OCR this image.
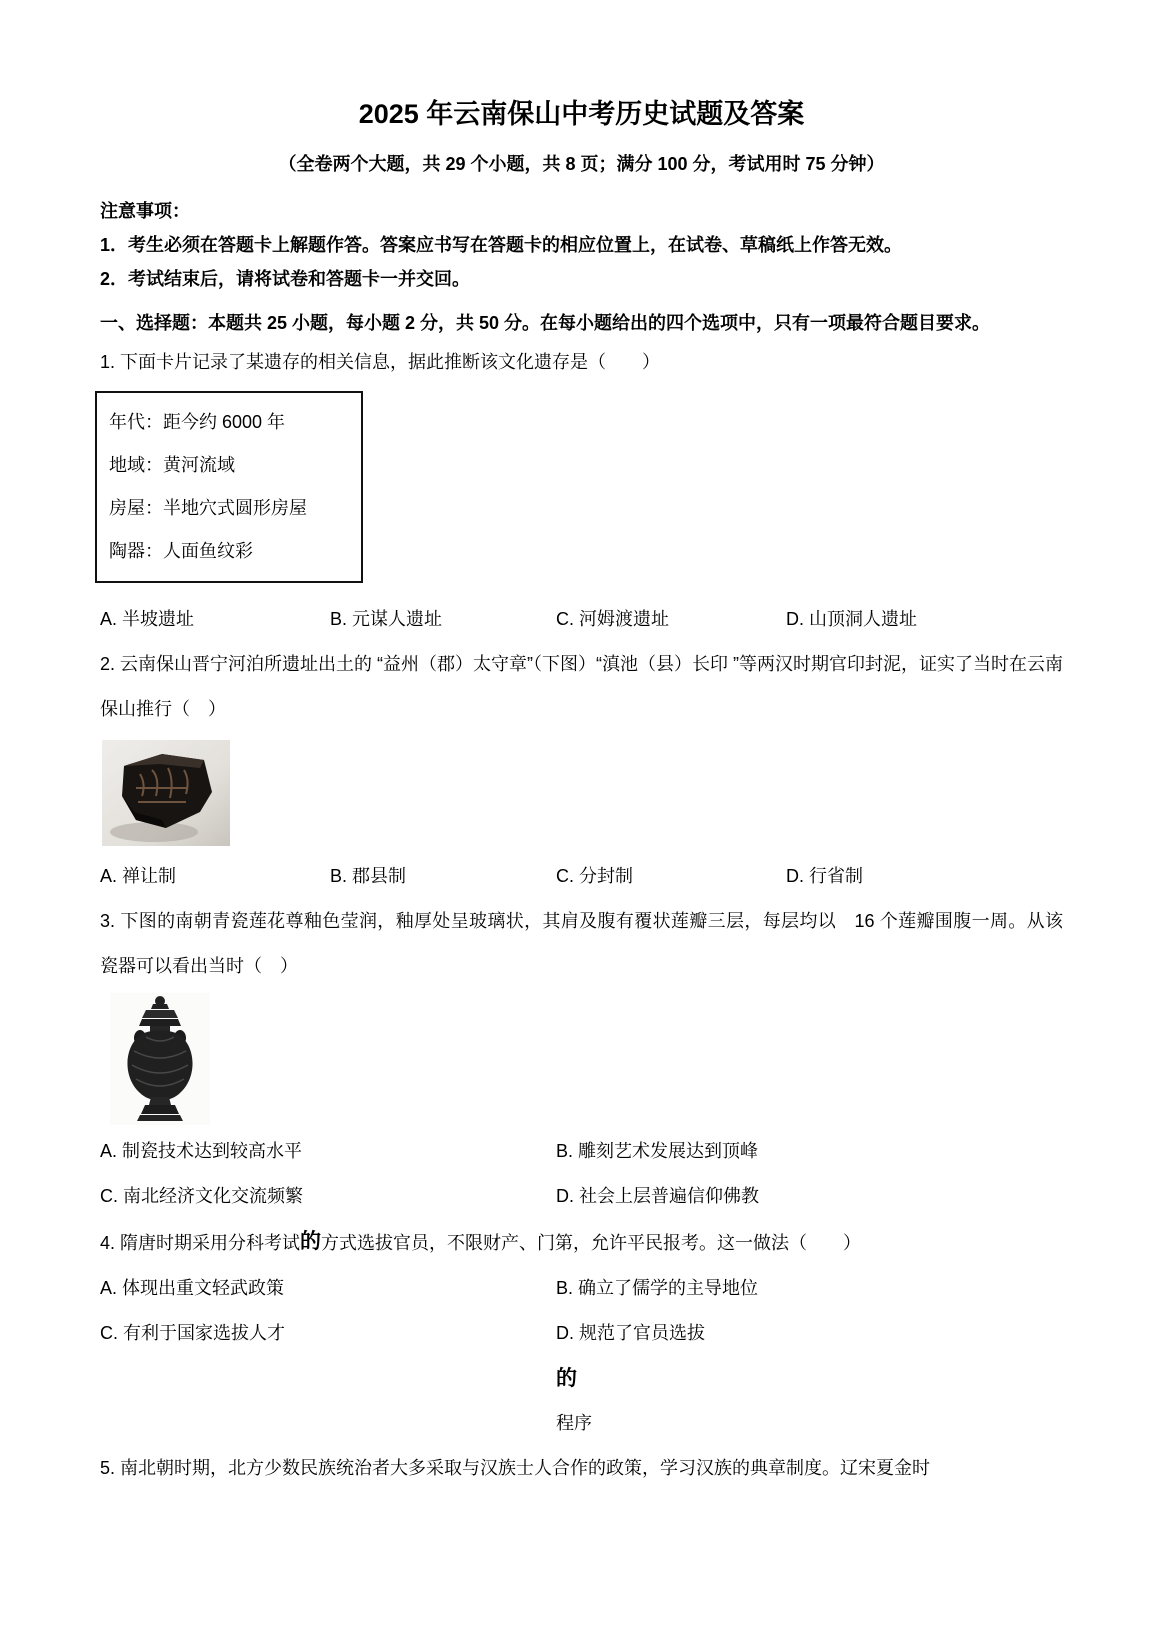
2025 年云南保山中考历史试题及答案
（全卷两个大题，共 29 个小题，共 8 页；满分 100 分，考试用时 75 分钟）
注意事项：
1．考生必须在答题卡上解题作答。答案应书写在答题卡的相应位置上，在试卷、草稿纸上作答无效。
2．考试结束后，请将试卷和答题卡一并交回。
一、选择题：本题共 25 小题，每小题 2 分，共 50 分。在每小题给出的四个选项中，只有一项最符合题目要求。
1. 下面卡片记录了某遗存的相关信息，据此推断该文化遗存是（　　）
年代：距今约 6000 年
地域：黄河流域
房屋：半地穴式圆形房屋
陶器：人面鱼纹彩
A. 半坡遗址	B. 元谋人遗址	C. 河姆渡遗址	D. 山顶洞人遗址
2. 云南保山晋宁河泊所遗址出土的 “益州（郡）太守章”（下图）“滇池（县）长印 ”等两汉时期官印封泥，证实了当时在云南保山推行（　）
A. 禅让制	B. 郡县制	C. 分封制	D. 行省制
3. 下图的南朝青瓷莲花尊釉色莹润，釉厚处呈玻璃状，其肩及腹有覆状莲瓣三层，每层均以　16 个莲瓣围腹一周。从该瓷器可以看出当时（　）
A. 制瓷技术达到较高水平	B. 雕刻艺术发展达到顶峰
C. 南北经济文化交流频繁	D. 社会上层普遍信仰佛教
4. 隋唐时期采用分科考试的方式选拔官员，不限财产、门第，允许平民报考。这一做法（　　）
A. 体现出重文轻武政策	B. 确立了儒学的主导地位
C. 有利于国家选拔人才	D. 规范了官员选拔
的
程序
5. 南北朝时期，北方少数民族统治者大多采取与汉族士人合作的政策，学习汉族的典章制度。辽宋夏金时
